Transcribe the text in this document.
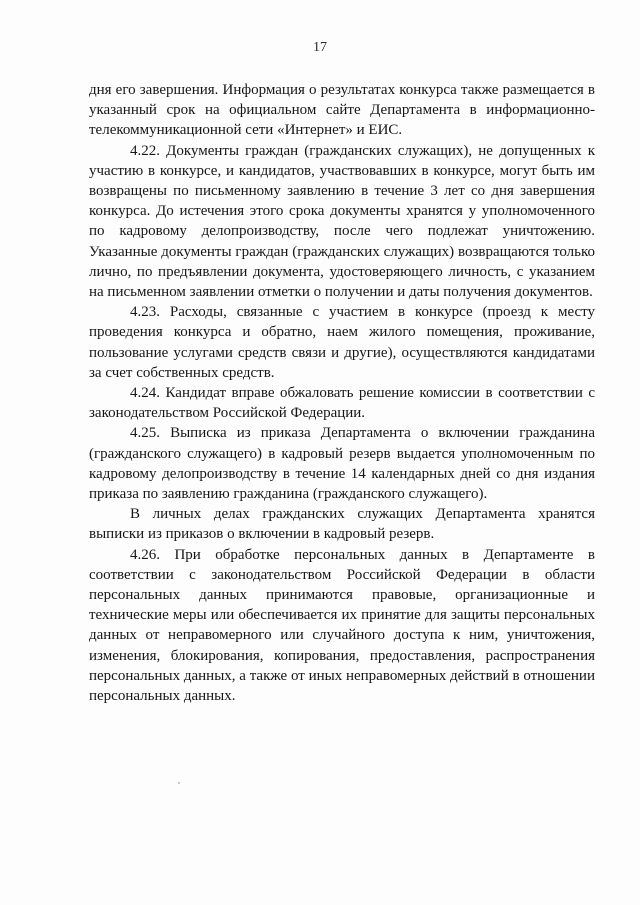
17

дня его завершения. Информация о результатах конкурса также размещается в указанный срок на официальном сайте Департамента в информационно-телекоммуникационной сети «Интернет» и ЕИС.

4.22. Документы граждан (гражданских служащих), не допущенных к участию в конкурсе, и кандидатов, участвовавших в конкурсе, могут быть им возвращены по письменному заявлению в течение 3 лет со дня завершения конкурса. До истечения этого срока документы хранятся у уполномоченного по кадровому делопроизводству, после чего подлежат уничтожению. Указанные документы граждан (гражданских служащих) возвращаются только лично, по предъявлении документа, удостоверяющего личность, с указанием на письменном заявлении отметки о получении и даты получения документов.

4.23. Расходы, связанные с участием в конкурсе (проезд к месту проведения конкурса и обратно, наем жилого помещения, проживание, пользование услугами средств связи и другие), осуществляются кандидатами за счет собственных средств.

4.24. Кандидат вправе обжаловать решение комиссии в соответствии с законодательством Российской Федерации.

4.25. Выписка из приказа Департамента о включении гражданина (гражданского служащего) в кадровый резерв выдается уполномоченным по кадровому делопроизводству в течение 14 календарных дней со дня издания приказа по заявлению гражданина (гражданского служащего).

В личных делах гражданских служащих Департамента хранятся выписки из приказов о включении в кадровый резерв.

4.26. При обработке персональных данных в Департаменте в соответствии с законодательством Российской Федерации в области персональных данных принимаются правовые, организационные и технические меры или обеспечивается их принятие для защиты персональных данных от неправомерного или случайного доступа к ним, уничтожения, изменения, блокирования, копирования, предоставления, распространения персональных данных, а также от иных неправомерных действий в отношении персональных данных.
